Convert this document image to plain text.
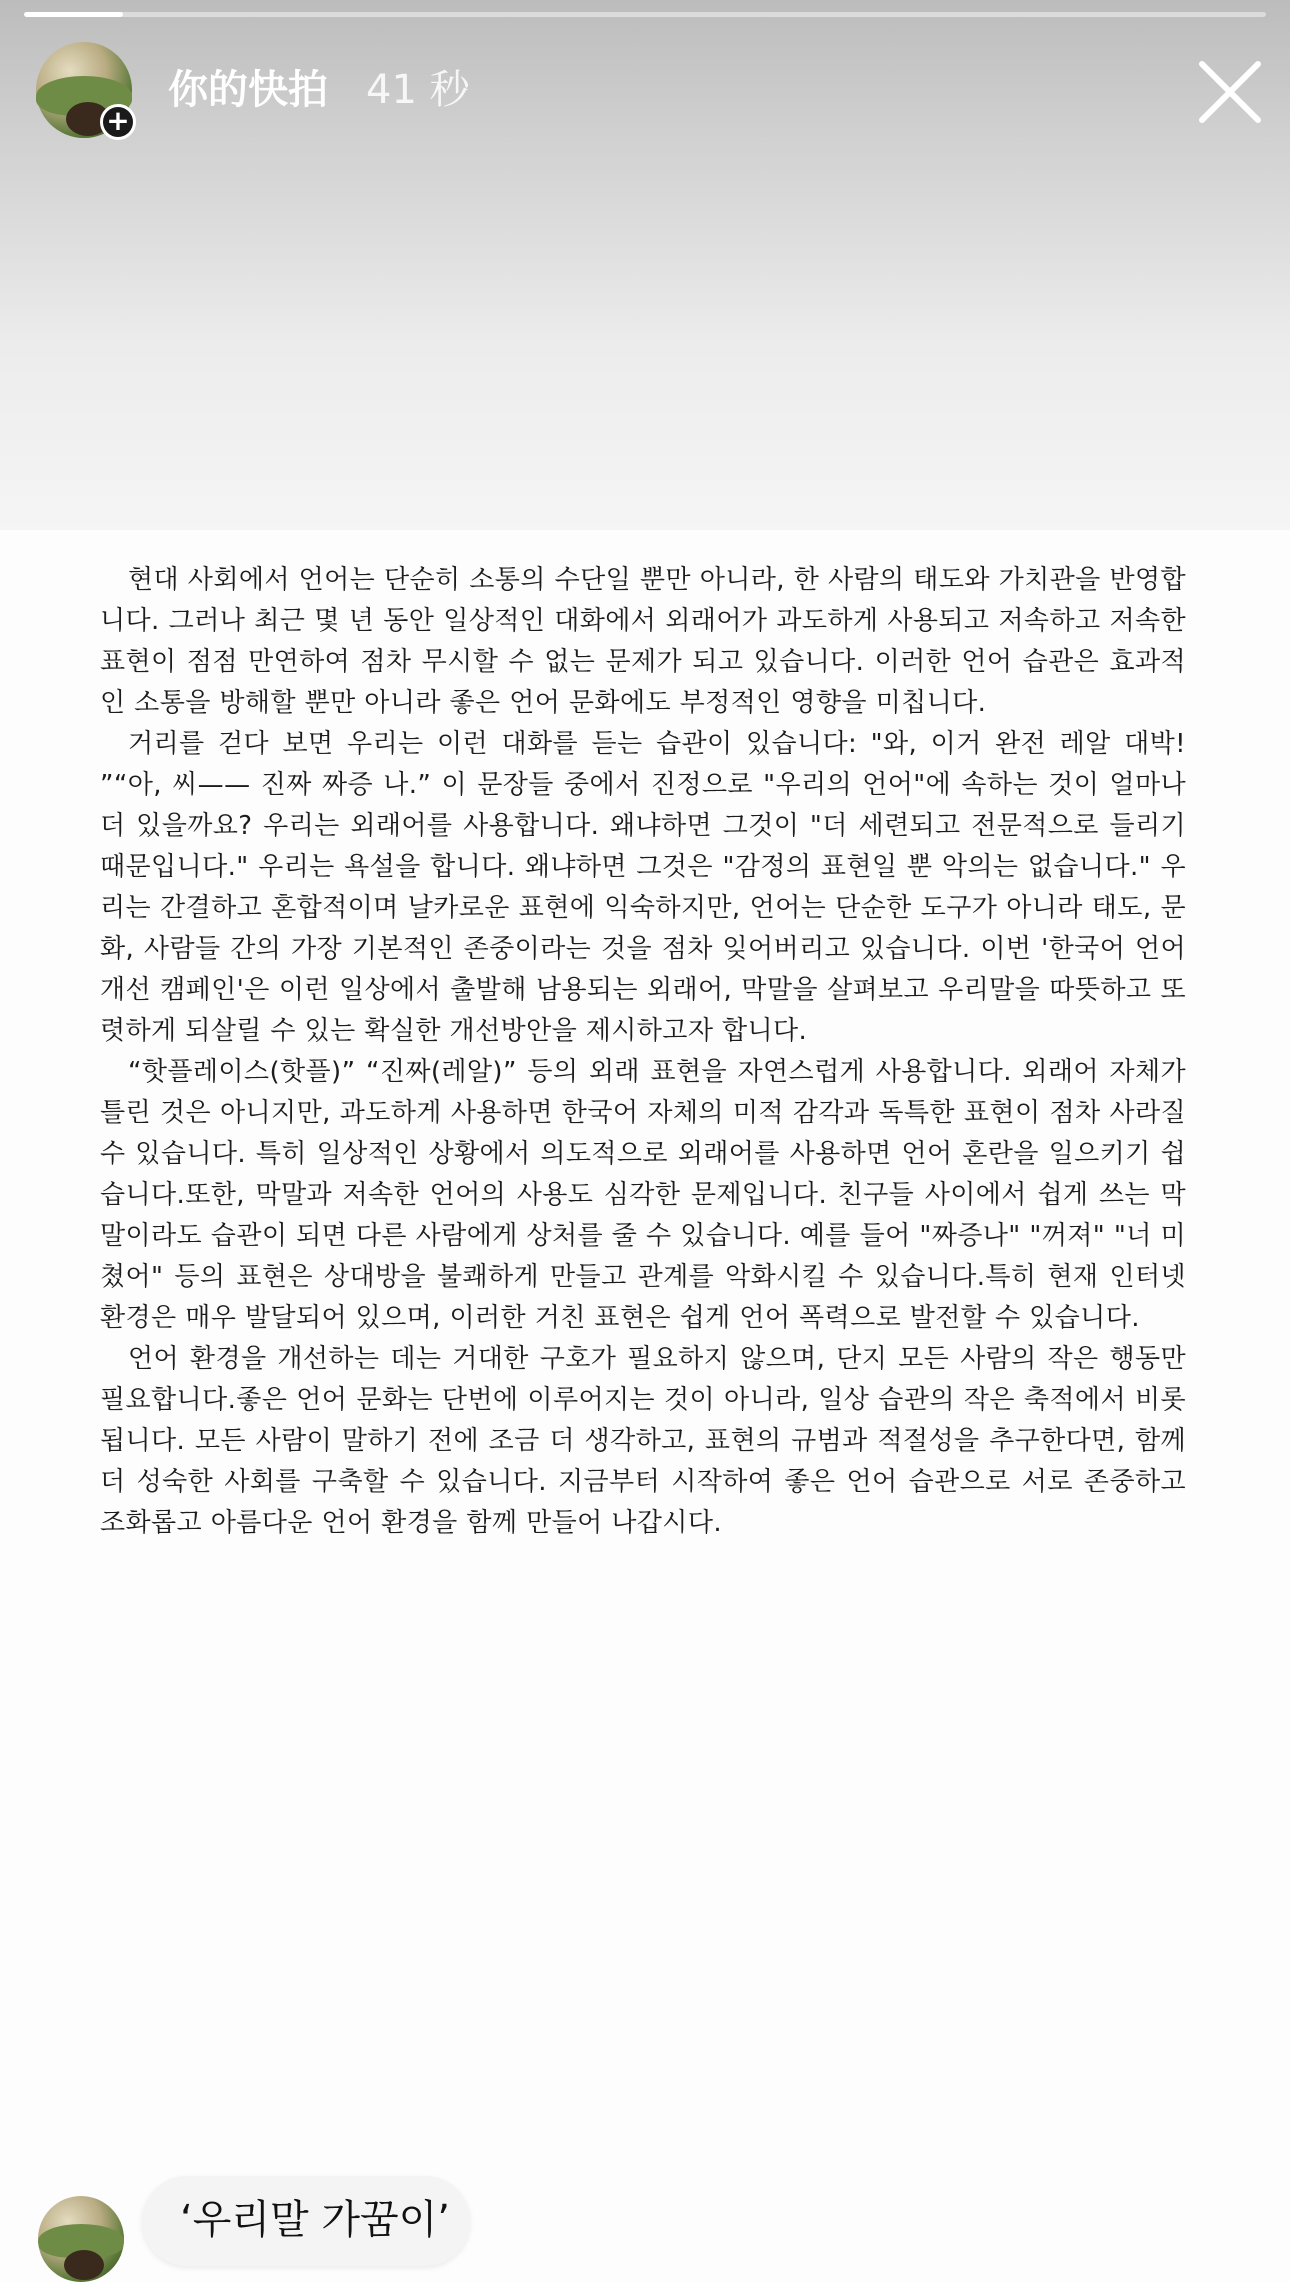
+
你的快拍 41 秒

현대 사회에서 언어는 단순히 소통의 수단일 뿐만 아니라, 한 사람의 태도와 가치관을 반영합니다. 그러나 최근 몇 년 동안 일상적인 대화에서 외래어가 과도하게 사용되고 저속하고 저속한 표현이 점점 만연하여 점차 무시할 수 없는 문제가 되고 있습니다. 이러한 언어 습관은 효과적인 소통을 방해할 뿐만 아니라 좋은 언어 문화에도 부정적인 영향을 미칩니다.

거리를 걷다 보면 우리는 이런 대화를 듣는 습관이 있습니다: "와, 이거 완전 레알 대박! ”“아, 씨—— 진짜 짜증 나.” 이 문장들 중에서 진정으로 "우리의 언어"에 속하는 것이 얼마나 더 있을까요? 우리는 외래어를 사용합니다. 왜냐하면 그것이 "더 세련되고 전문적으로 들리기 때문입니다." 우리는 욕설을 합니다. 왜냐하면 그것은 "감정의 표현일 뿐 악의는 없습니다." 우리는 간결하고 혼합적이며 날카로운 표현에 익숙하지만, 언어는 단순한 도구가 아니라 태도, 문화, 사람들 간의 가장 기본적인 존중이라는 것을 점차 잊어버리고 있습니다. 이번 '한국어 언어개선 캠페인'은 이런 일상에서 출발해 남용되는 외래어, 막말을 살펴보고 우리말을 따뜻하고 또렷하게 되살릴 수 있는 확실한 개선방안을 제시하고자 합니다.

“핫플레이스(핫플)” “진짜(레알)” 등의 외래 표현을 자연스럽게 사용합니다. 외래어 자체가 틀린 것은 아니지만, 과도하게 사용하면 한국어 자체의 미적 감각과 독특한 표현이 점차 사라질 수 있습니다. 특히 일상적인 상황에서 의도적으로 외래어를 사용하면 언어 혼란을 일으키기 쉽습니다.또한, 막말과 저속한 언어의 사용도 심각한 문제입니다. 친구들 사이에서 쉽게 쓰는 막말이라도 습관이 되면 다른 사람에게 상처를 줄 수 있습니다. 예를 들어 "짜증나" "꺼져" "너 미쳤어" 등의 표현은 상대방을 불쾌하게 만들고 관계를 악화시킬 수 있습니다.특히 현재 인터넷 환경은 매우 발달되어 있으며, 이러한 거친 표현은 쉽게 언어 폭력으로 발전할 수 있습니다.

언어 환경을 개선하는 데는 거대한 구호가 필요하지 않으며, 단지 모든 사람의 작은 행동만 필요합니다.좋은 언어 문화는 단번에 이루어지는 것이 아니라, 일상 습관의 작은 축적에서 비롯됩니다. 모든 사람이 말하기 전에 조금 더 생각하고, 표현의 규범과 적절성을 추구한다면, 함께 더 성숙한 사회를 구축할 수 있습니다. 지금부터 시작하여 좋은 언어 습관으로 서로 존중하고 조화롭고 아름다운 언어 환경을 함께 만들어 나갑시다.

‘우리말 가꿈이’
